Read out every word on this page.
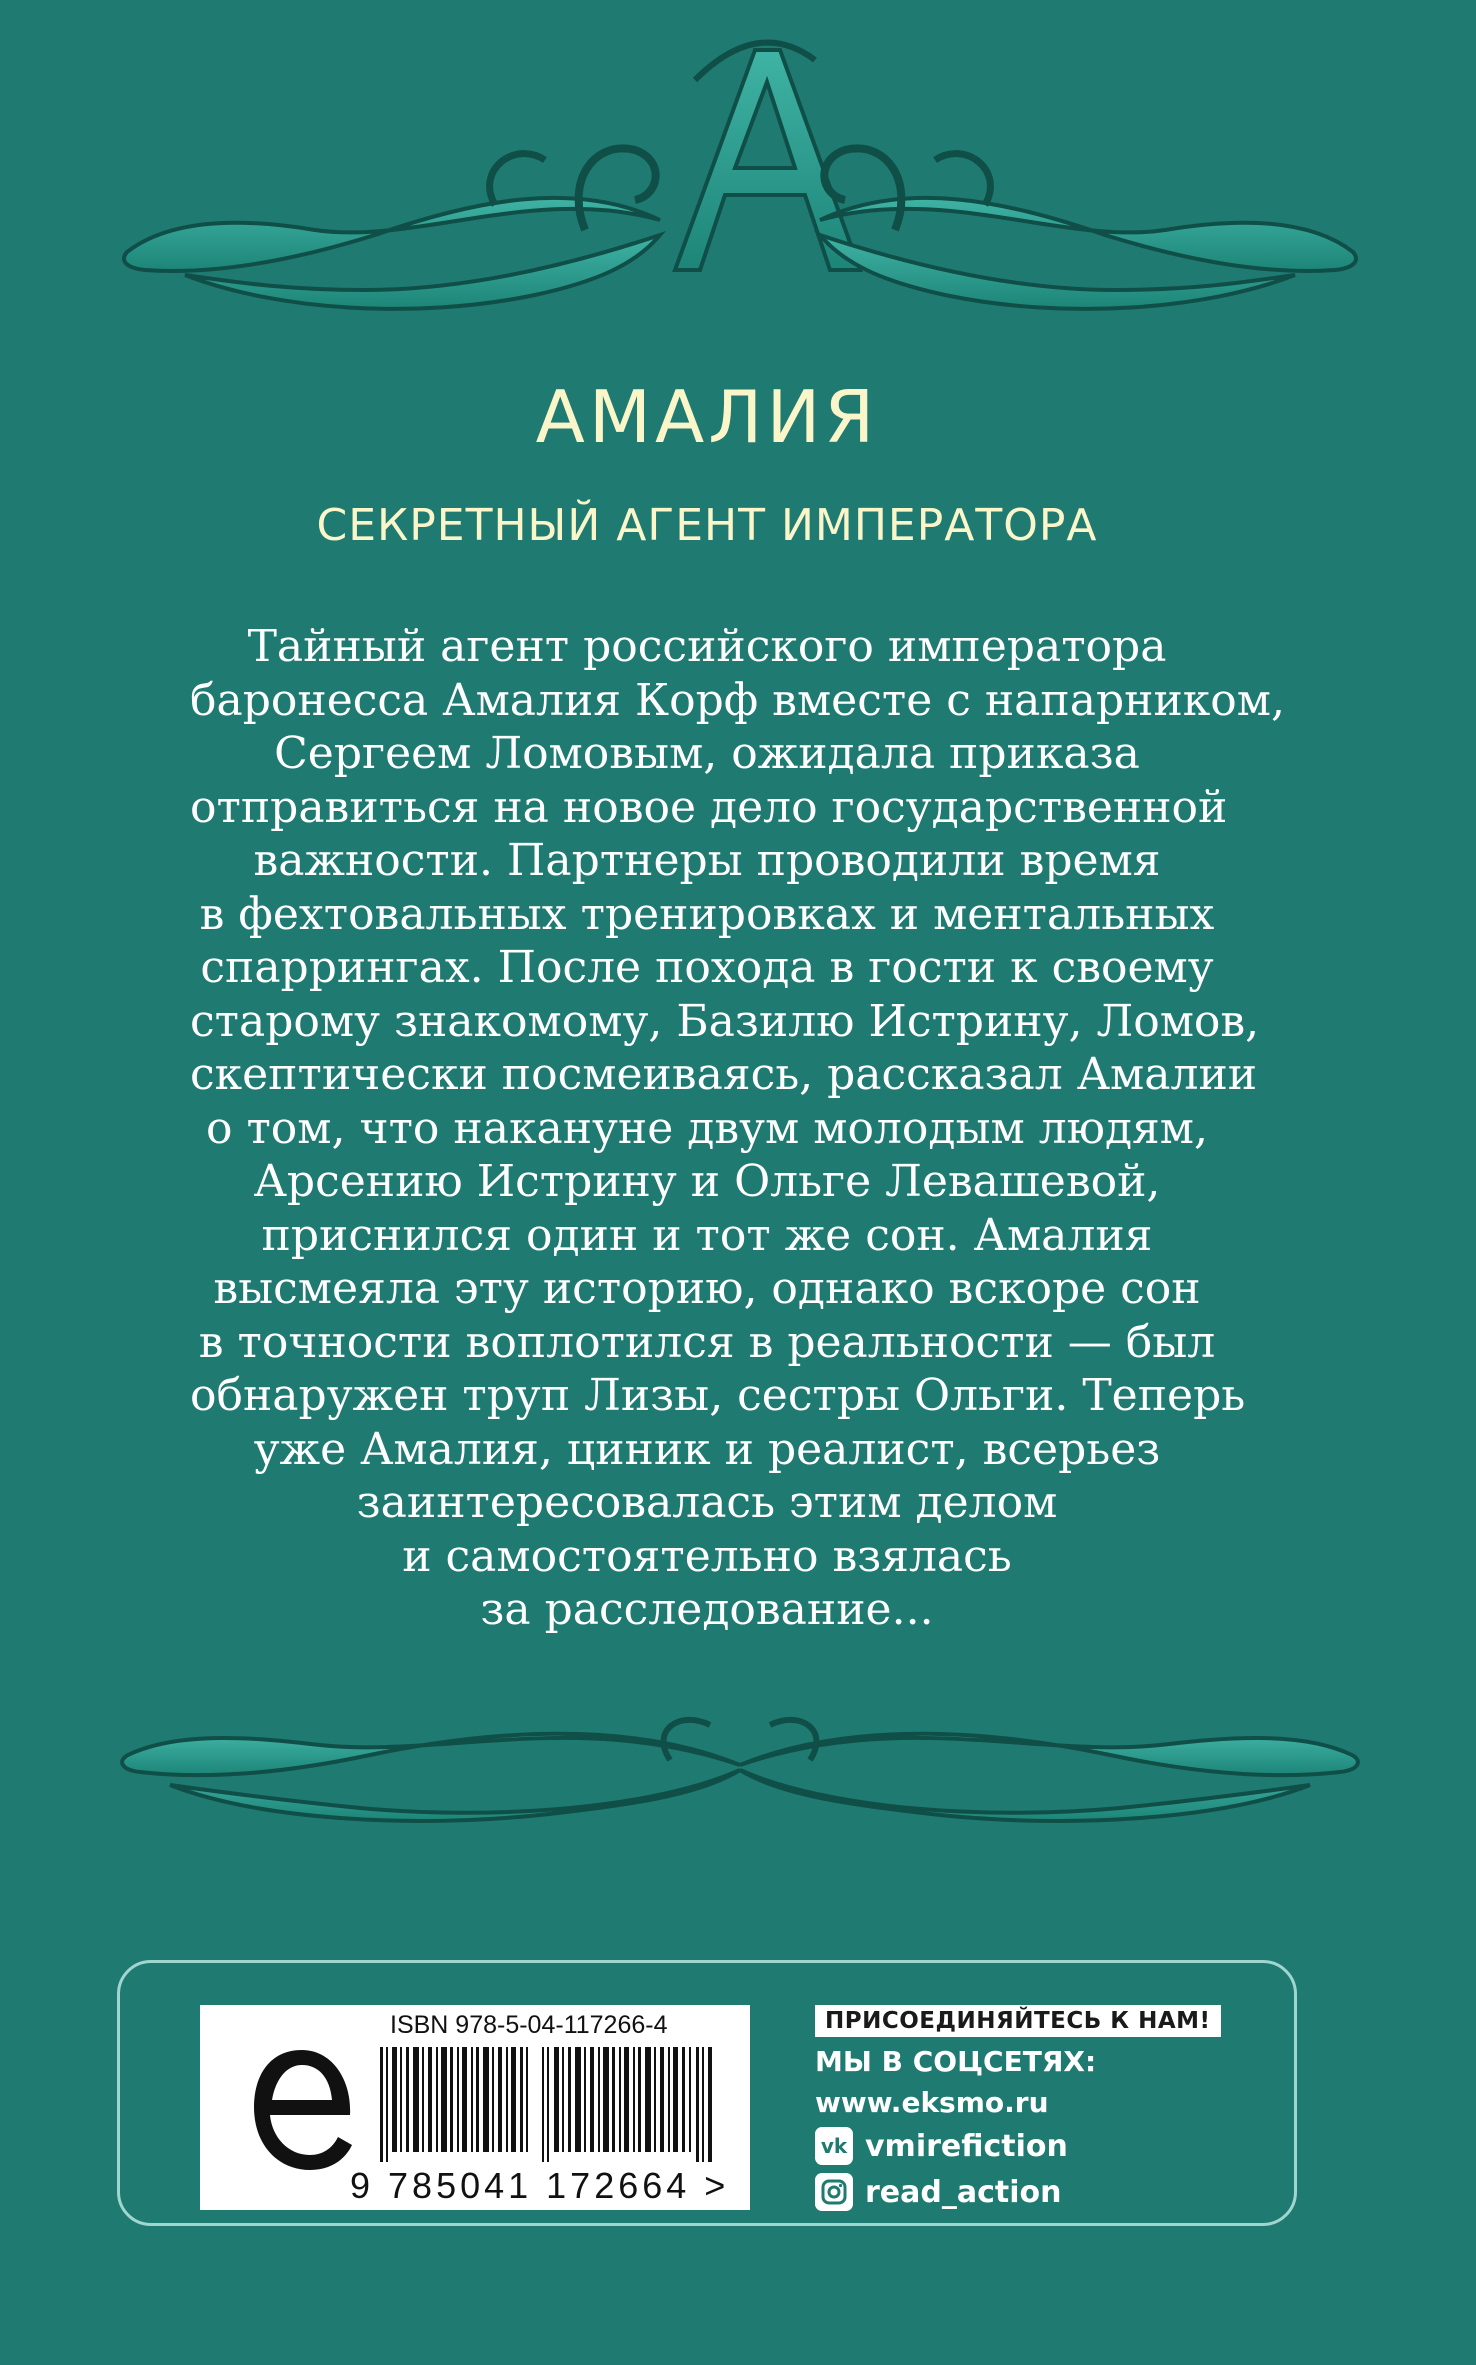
АМАЛИЯ
СЕКРЕТНЫЙ АГЕНТ ИМПЕРАТОРА
Тайный агент российского императора
баронесса Амалия Корф вместе с напарником,
Сергеем Ломовым, ожидала приказа
отправиться на новое дело государственной
важности. Партнеры проводили время
в фехтовальных тренировках и ментальных
спаррингах. После похода в гости к своему
старому знакомому, Базилю Истрину, Ломов,
скептически посмеиваясь, рассказал Амалии
о том, что накануне двум молодым людям,
Арсению Истрину и Ольге Левашевой,
приснился один и тот же сон. Амалия
высмеяла эту историю, однако вскоре сон
в точности воплотился в реальности — был
обнаружен труп Лизы, сестры Ольги. Теперь
уже Амалия, циник и реалист, всерьез
заинтересовалась этим делом
и самостоятельно взялась
за расследование...
ISBN 978-5-04-117266-4
9 785041 172664 >
ПРИСОЕДИНЯЙТЕСЬ К НАМ!
МЫ В СОЦСЕТЯХ:
www.eksmo.ru
vk vmirefiction
read_action
